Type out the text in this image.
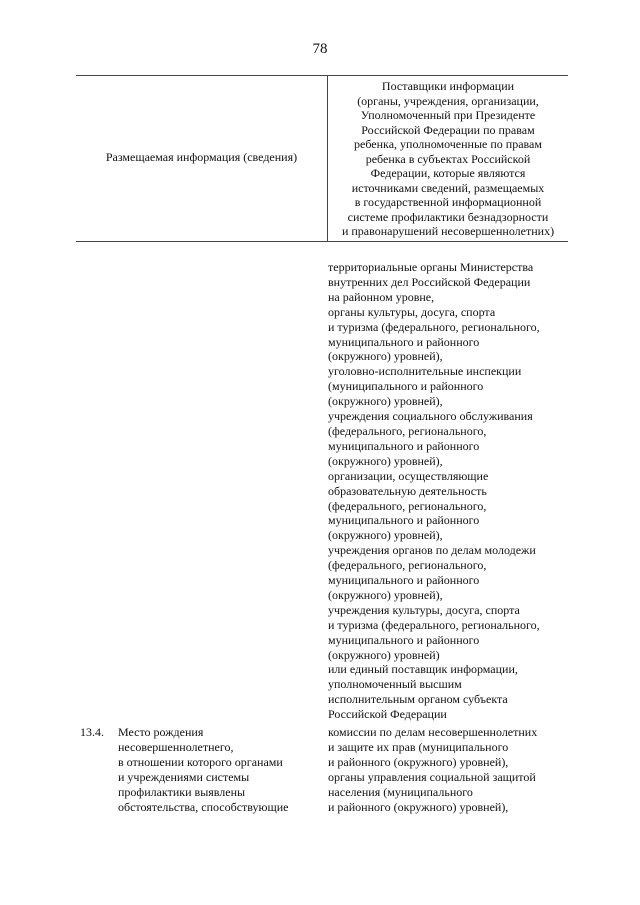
78
Размещаемая информация (сведения)
Поставщики информации
(органы, учреждения, организации,
Уполномоченный при Президенте
Российской Федерации по правам
ребенка, уполномоченные по правам
ребенка в субъектах Российской
Федерации, которые являются
источниками сведений, размещаемых
в государственной информационной
системе профилактики безнадзорности
и правонарушений несовершеннолетних)
территориальные органы Министерства
внутренних дел Российской Федерации
на районном уровне,
органы культуры, досуга, спорта
и туризма (федерального, регионального,
муниципального и районного
(окружного) уровней),
уголовно-исполнительные инспекции
(муниципального и районного
(окружного) уровней),
учреждения социального обслуживания
(федерального, регионального,
муниципального и районного
(окружного) уровней),
организации, осуществляющие
образовательную деятельность
(федерального, регионального,
муниципального и районного
(окружного) уровней),
учреждения органов по делам молодежи
(федерального, регионального,
муниципального и районного
(окружного) уровней),
учреждения культуры, досуга, спорта
и туризма (федерального, регионального,
муниципального и районного
(окружного) уровней)
или единый поставщик информации,
уполномоченный высшим
исполнительным органом субъекта
Российской Федерации
13.4. Место рождения
несовершеннолетнего,
в отношении которого органами
и учреждениями системы
профилактики выявлены
обстоятельства, способствующие
комиссии по делам несовершеннолетних
и защите их прав (муниципального
и районного (окружного) уровней),
органы управления социальной защитой
населения (муниципального
и районного (окружного) уровней),
